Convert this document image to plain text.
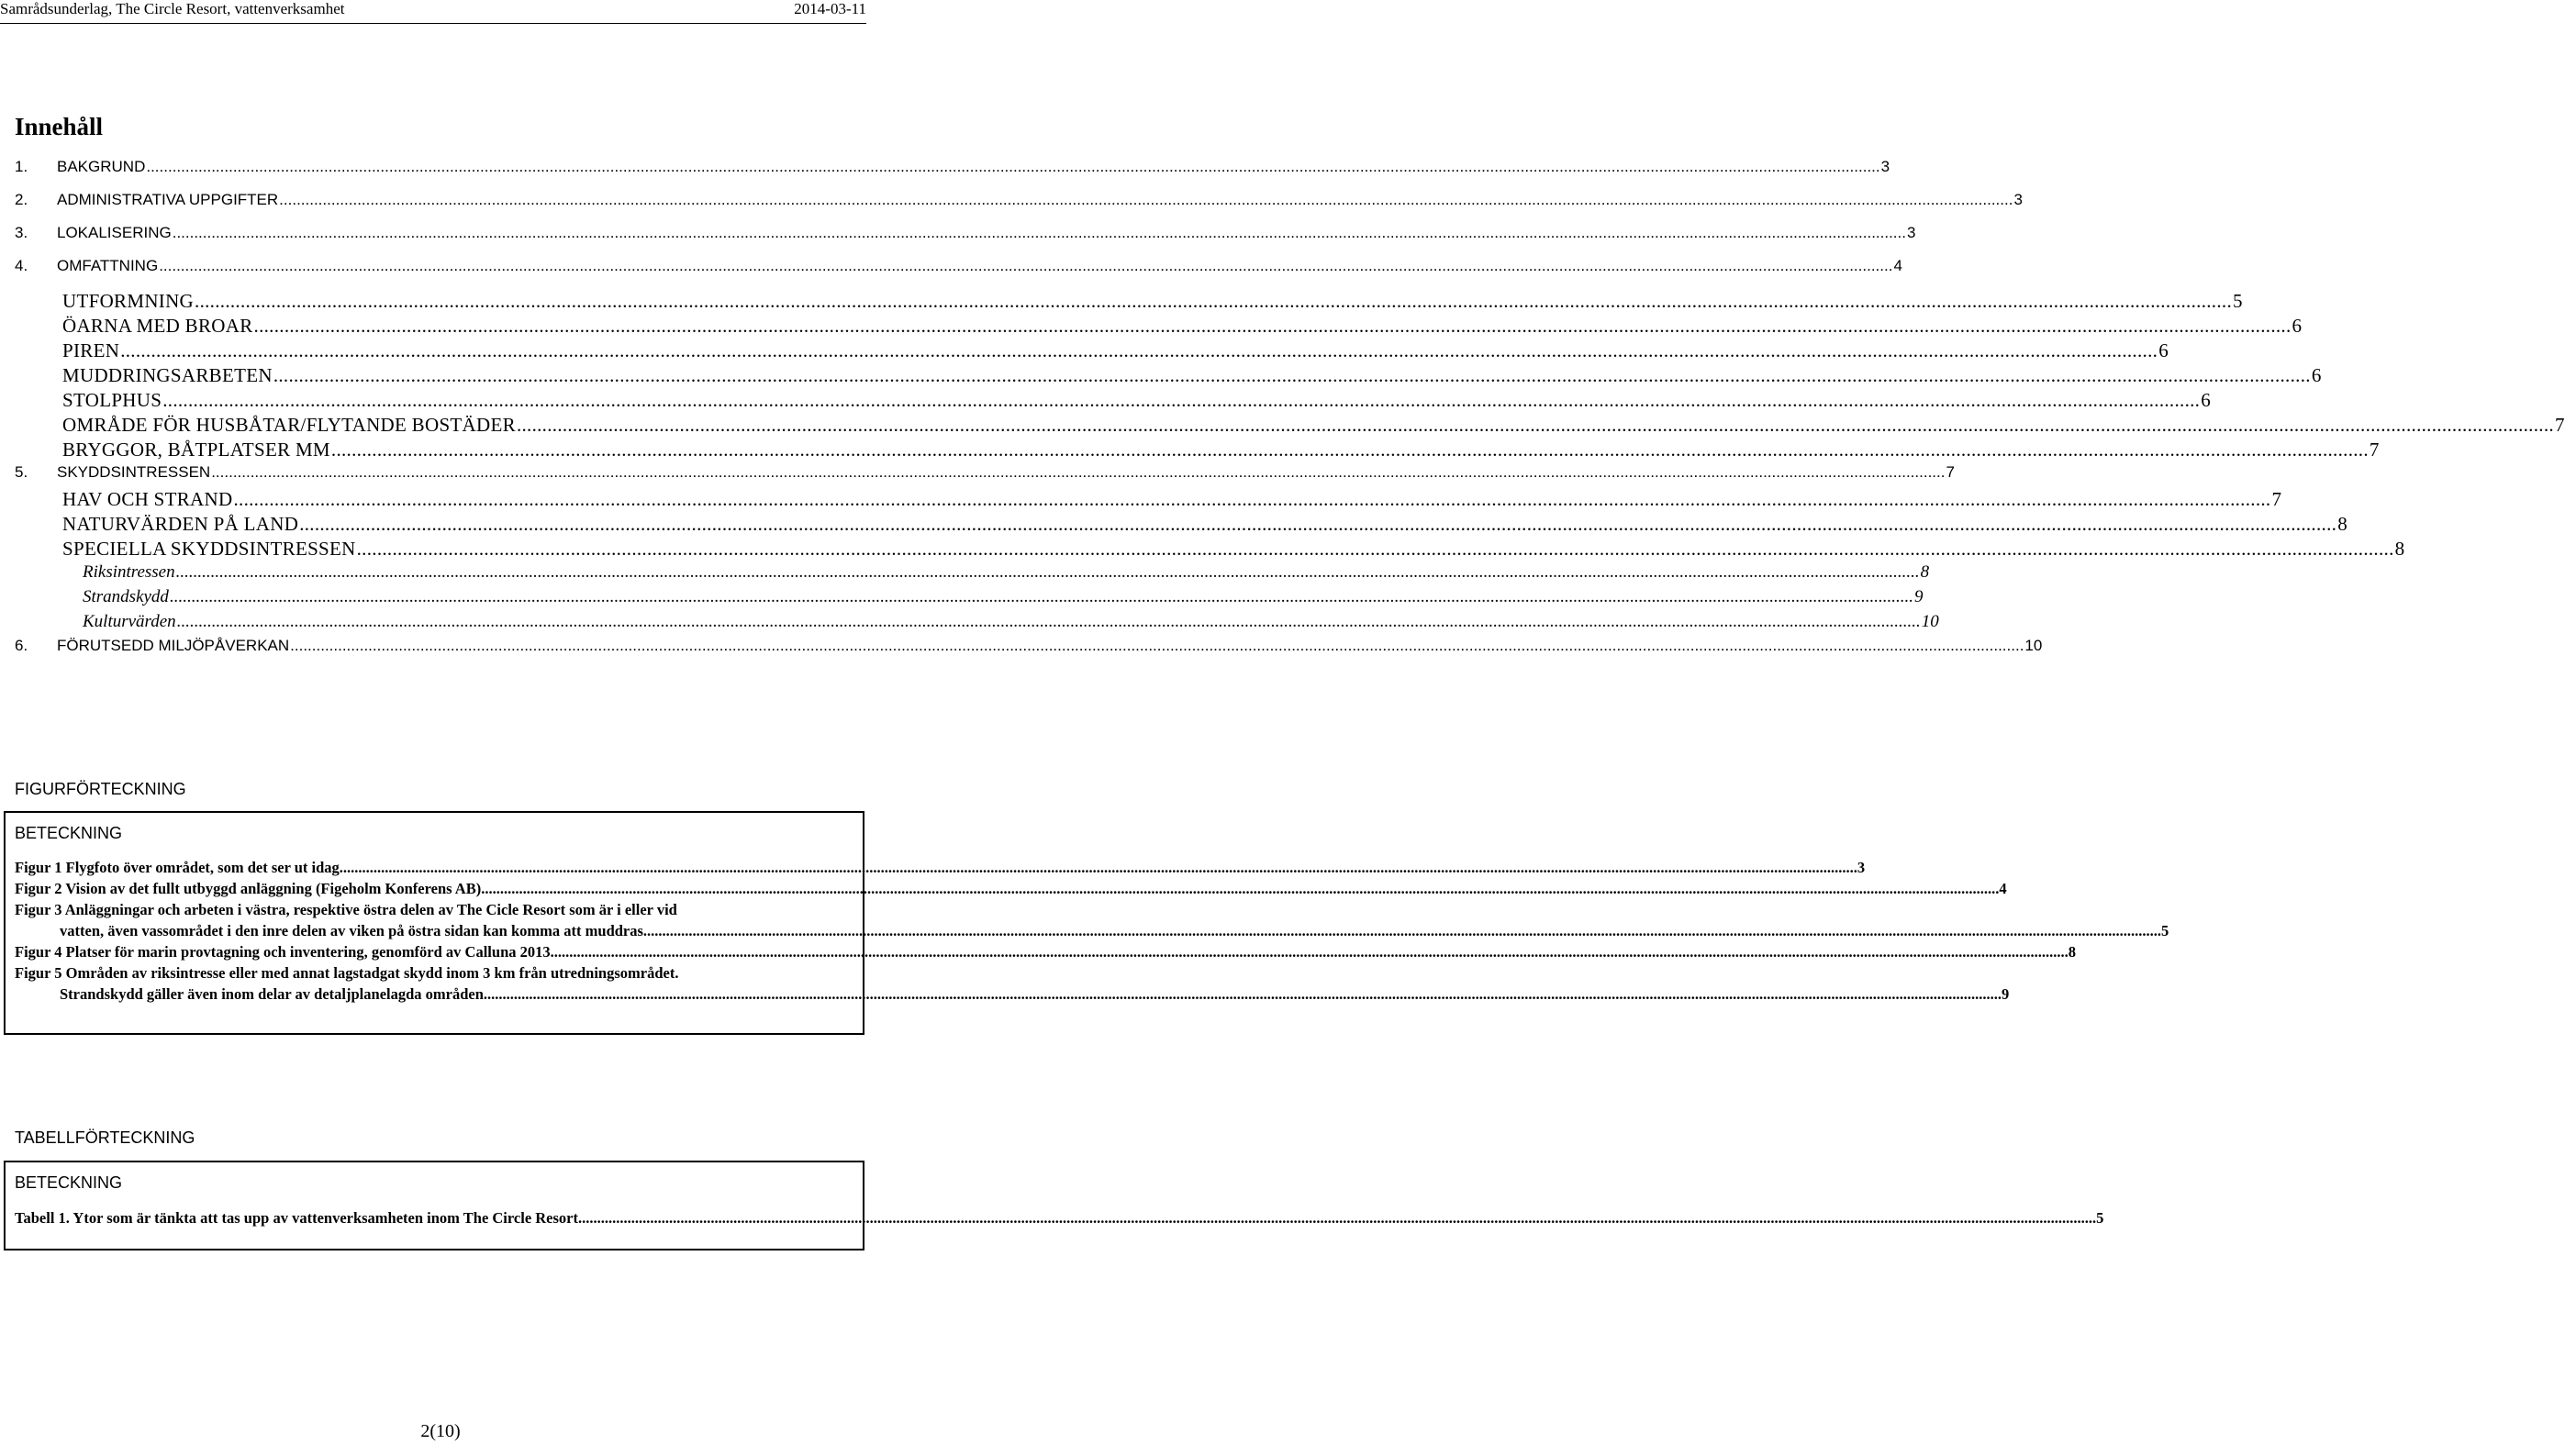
Samrådsunderlag, The Circle Resort, vattenverksamhet	2014-03-11
Innehåll
1. BAKGRUND ................................................................................................................................................................................................................................................................................................................................................................................................................ 3
2. ADMINISTRATIVA UPPGIFTER ................................................................................................................................................................................................................................................................................................................................................................................................................ 3
3. LOKALISERING ................................................................................................................................................................................................................................................................................................................................................................................................................ 3
4. OMFATTNING ................................................................................................................................................................................................................................................................................................................................................................................................................ 4
UTFORMNING ................................................................................................................................................................................................................................................................................................................................................................................................................ 5
ÖARNA MED BROAR ................................................................................................................................................................................................................................................................................................................................................................................................................ 6
PIREN ................................................................................................................................................................................................................................................................................................................................................................................................................ 6
MUDDRINGSARBETEN ................................................................................................................................................................................................................................................................................................................................................................................................................ 6
STOLPHUS ................................................................................................................................................................................................................................................................................................................................................................................................................ 6
OMRÅDE FÖR HUSBÅTAR/FLYTANDE BOSTÄDER ................................................................................................................................................................................................................................................................................................................................................................................................................ 7
BRYGGOR, BÅTPLATSER MM ................................................................................................................................................................................................................................................................................................................................................................................................................ 7
5. SKYDDSINTRESSEN ................................................................................................................................................................................................................................................................................................................................................................................................................ 7
HAV OCH STRAND ................................................................................................................................................................................................................................................................................................................................................................................................................ 7
NATURVÄRDEN PÅ LAND ................................................................................................................................................................................................................................................................................................................................................................................................................ 8
SPECIELLA SKYDDSINTRESSEN ................................................................................................................................................................................................................................................................................................................................................................................................................ 8
Riksintressen ................................................................................................................................................................................................................................................................................................................................................................................................................ 8
Strandskydd ................................................................................................................................................................................................................................................................................................................................................................................................................ 9
Kulturvärden ................................................................................................................................................................................................................................................................................................................................................................................................................ 10
6. FÖRUTSEDD MILJÖPÅVERKAN ................................................................................................................................................................................................................................................................................................................................................................................................................ 10
FIGURFÖRTECKNING
BETECKNING
Figur 1 Flygfoto över området, som det ser ut idag. ................................................................................................................................................................................................................................................................................................................................................................................................................ 3
Figur 2 Vision av det fullt utbyggd anläggning (Figeholm Konferens AB). ................................................................................................................................................................................................................................................................................................................................................................................................................ 4
Figur 3 Anläggningar och arbeten i västra, respektive östra delen av The Cicle Resort som är i eller vid
vatten, även vassområdet i den inre delen av viken på östra sidan kan komma att muddras. ................................................................................................................................................................................................................................................................................................................................................................................................................ 5
Figur 4 Platser för marin provtagning och inventering, genomförd av Calluna 2013. ................................................................................................................................................................................................................................................................................................................................................................................................................ 8
Figur 5 Områden av riksintresse eller med annat lagstadgat skydd inom 3 km från utredningsområdet.
Strandskydd gäller även inom delar av detaljplanelagda områden. ................................................................................................................................................................................................................................................................................................................................................................................................................ 9
TABELLFÖRTECKNING
BETECKNING
Tabell 1. Ytor som är tänkta att tas upp av vattenverksamheten inom The Circle Resort. ................................................................................................................................................................................................................................................................................................................................................................................................................ 5
2(10)
